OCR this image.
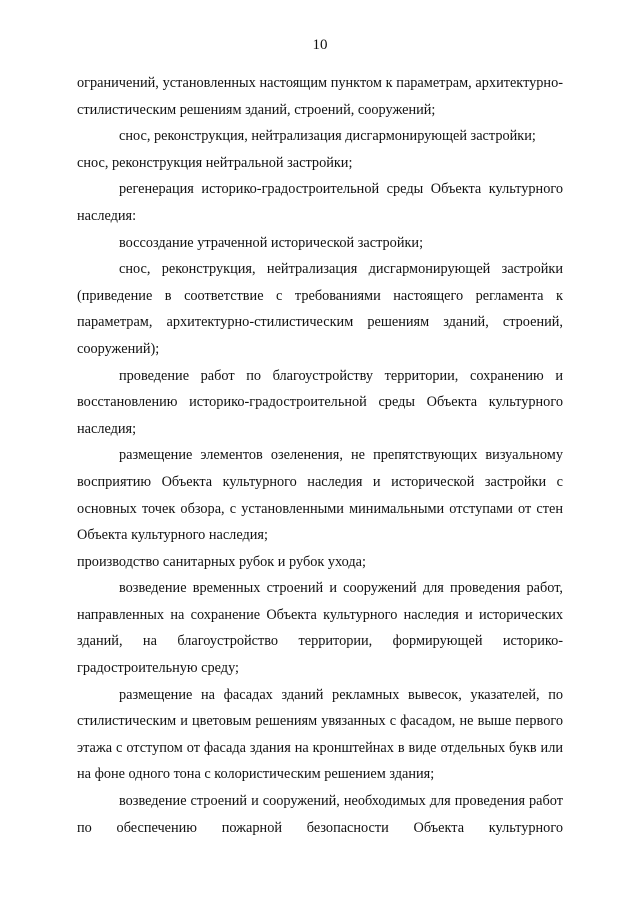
10

ограничений, установленных настоящим пунктом к параметрам, архитектурно-стилистическим решениям зданий, строений, сооружений;

снос, реконструкция, нейтрализация дисгармонирующей застройки;

снос, реконструкция нейтральной застройки;

регенерация историко-градостроительной среды Объекта культурного наследия:

воссоздание утраченной исторической застройки;

снос, реконструкция, нейтрализация дисгармонирующей застройки (приведение в соответствие с требованиями настоящего регламента к параметрам, архитектурно-стилистическим решениям зданий, строений, сооружений);

проведение работ по благоустройству территории, сохранению и восстановлению историко-градостроительной среды Объекта культурного наследия;

размещение элементов озеленения, не препятствующих визуальному восприятию Объекта культурного наследия и исторической застройки с основных точек обзора, с установленными минимальными отступами от стен Объекта культурного наследия;

производство санитарных рубок и рубок ухода;

возведение временных строений и сооружений для проведения работ, направленных на сохранение Объекта культурного наследия и исторических зданий, на благоустройство территории, формирующей историко-градостроительную среду;

размещение на фасадах зданий рекламных вывесок, указателей, по стилистическим и цветовым решениям увязанных с фасадом, не выше первого этажа с отступом от фасада здания на кронштейнах в виде отдельных букв или на фоне одного тона с колористическим решением здания;

возведение строений и сооружений, необходимых для проведения работ по обеспечению пожарной безопасности Объекта культурного
